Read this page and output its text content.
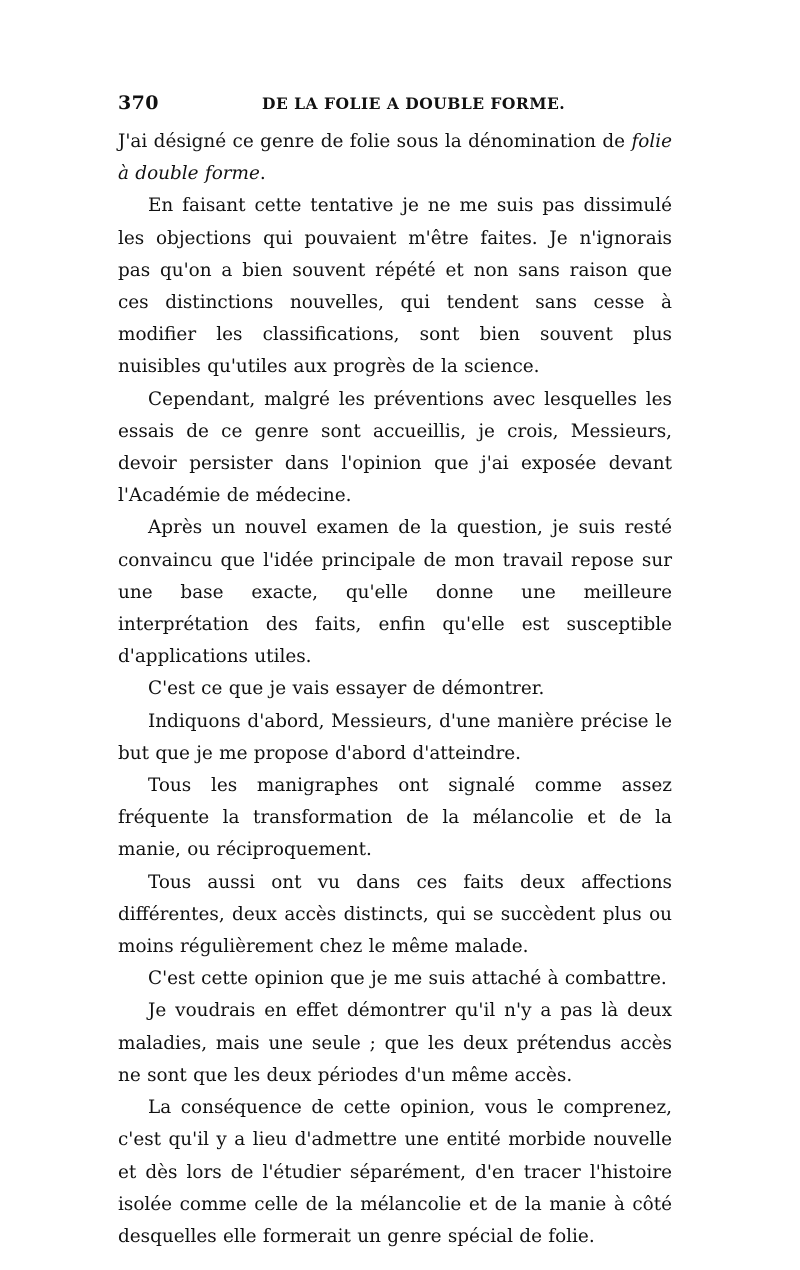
370	DE LA FOLIE A DOUBLE FORME.

J'ai désigné ce genre de folie sous la dénomination de folie à double forme.

En faisant cette tentative je ne me suis pas dissimulé les objections qui pouvaient m'être faites. Je n'ignorais pas qu'on a bien souvent répété et non sans raison que ces distinctions nouvelles, qui tendent sans cesse à modifier les classifications, sont bien souvent plus nuisibles qu'utiles aux progrès de la science.

Cependant, malgré les préventions avec lesquelles les essais de ce genre sont accueillis, je crois, Messieurs, devoir persister dans l'opinion que j'ai exposée devant l'Académie de médecine.

Après un nouvel examen de la question, je suis resté convaincu que l'idée principale de mon travail repose sur une base exacte, qu'elle donne une meilleure interprétation des faits, enfin qu'elle est susceptible d'applications utiles.

C'est ce que je vais essayer de démontrer.

Indiquons d'abord, Messieurs, d'une manière précise le but que je me propose d'abord d'atteindre.

Tous les manigraphes ont signalé comme assez fréquente la transformation de la mélancolie et de la manie, ou réciproquement.

Tous aussi ont vu dans ces faits deux affections différentes, deux accès distincts, qui se succèdent plus ou moins régulièrement chez le même malade.

C'est cette opinion que je me suis attaché à combattre.

Je voudrais en effet démontrer qu'il n'y a pas là deux maladies, mais une seule ; que les deux prétendus accès ne sont que les deux périodes d'un même accès.

La conséquence de cette opinion, vous le comprenez, c'est qu'il y a lieu d'admettre une entité morbide nouvelle et dès lors de l'étudier séparément, d'en tracer l'histoire isolée comme celle de la mélancolie et de la manie à côté desquelles elle formerait un genre spécial de folie.
